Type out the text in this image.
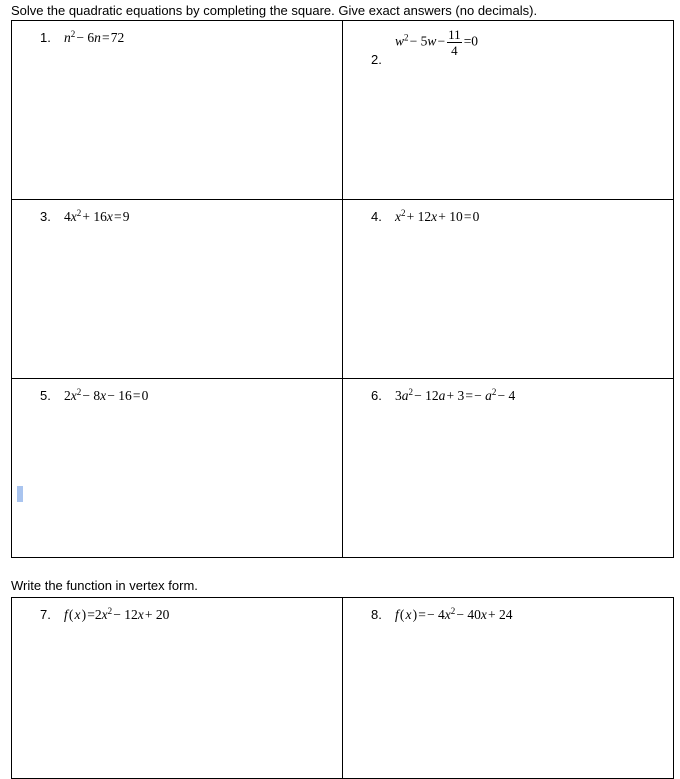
Solve the quadratic equations by completing the square. Give exact answers (no decimals).
1. $n^2$ − 6n = 72	2.
$w^2$ − 5w − $\frac{11}{4} =0$

3. $4x^2$ + 16x = 9	4. $x^2$ + 12x + 10 = 0

5. $2x^2$ − 8x − 16 = 0	6. $3a^2$ − 12a + 3 = − $a^2$ − 4
Write the function in vertex form.
7. f ( x ) $=2x^2$ − 12x + 20	8. f ( x ) = − $4x^2$ − 40x + 24
